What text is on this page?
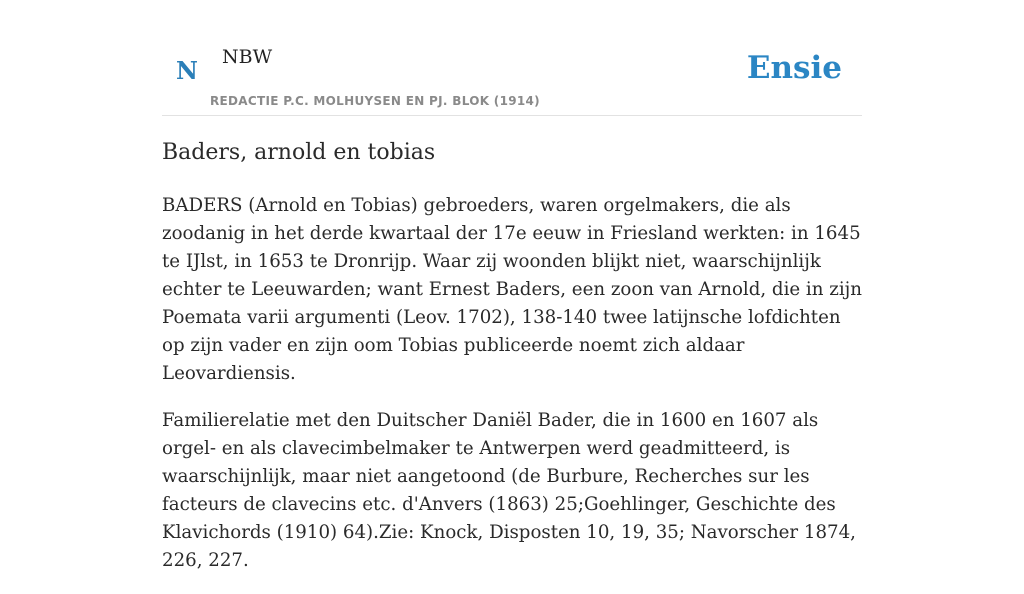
N NBW
REDACTIE P.C. MOLHUYSEN EN PJ. BLOK (1914)
Ensie
Baders, arnold en tobias

BADERS (Arnold en Tobias) gebroeders, waren orgelmakers, die als zoodanig in het derde kwartaal der 17e eeuw in Friesland werkten: in 1645 te IJlst, in 1653 te Dronrijp. Waar zij woonden blijkt niet, waarschijnlijk echter te Leeuwarden; want Ernest Baders, een zoon van Arnold, die in zijn Poemata varii argumenti (Leov. 1702), 138-140 twee latijnsche lofdichten op zijn vader en zijn oom Tobias publiceerde noemt zich aldaar Leovardiensis.

Familierelatie met den Duitscher Daniël Bader, die in 1600 en 1607 als orgel- en als clavecimbelmaker te Antwerpen werd geadmitteerd, is waarschijnlijk, maar niet aangetoond (de Burbure, Recherches sur les facteurs de clavecins etc. d'Anvers (1863) 25;Goehlinger, Geschichte des Klavichords (1910) 64).Zie: Knock, Disposten 10, 19, 35; Navorscher 1874, 226, 227.
